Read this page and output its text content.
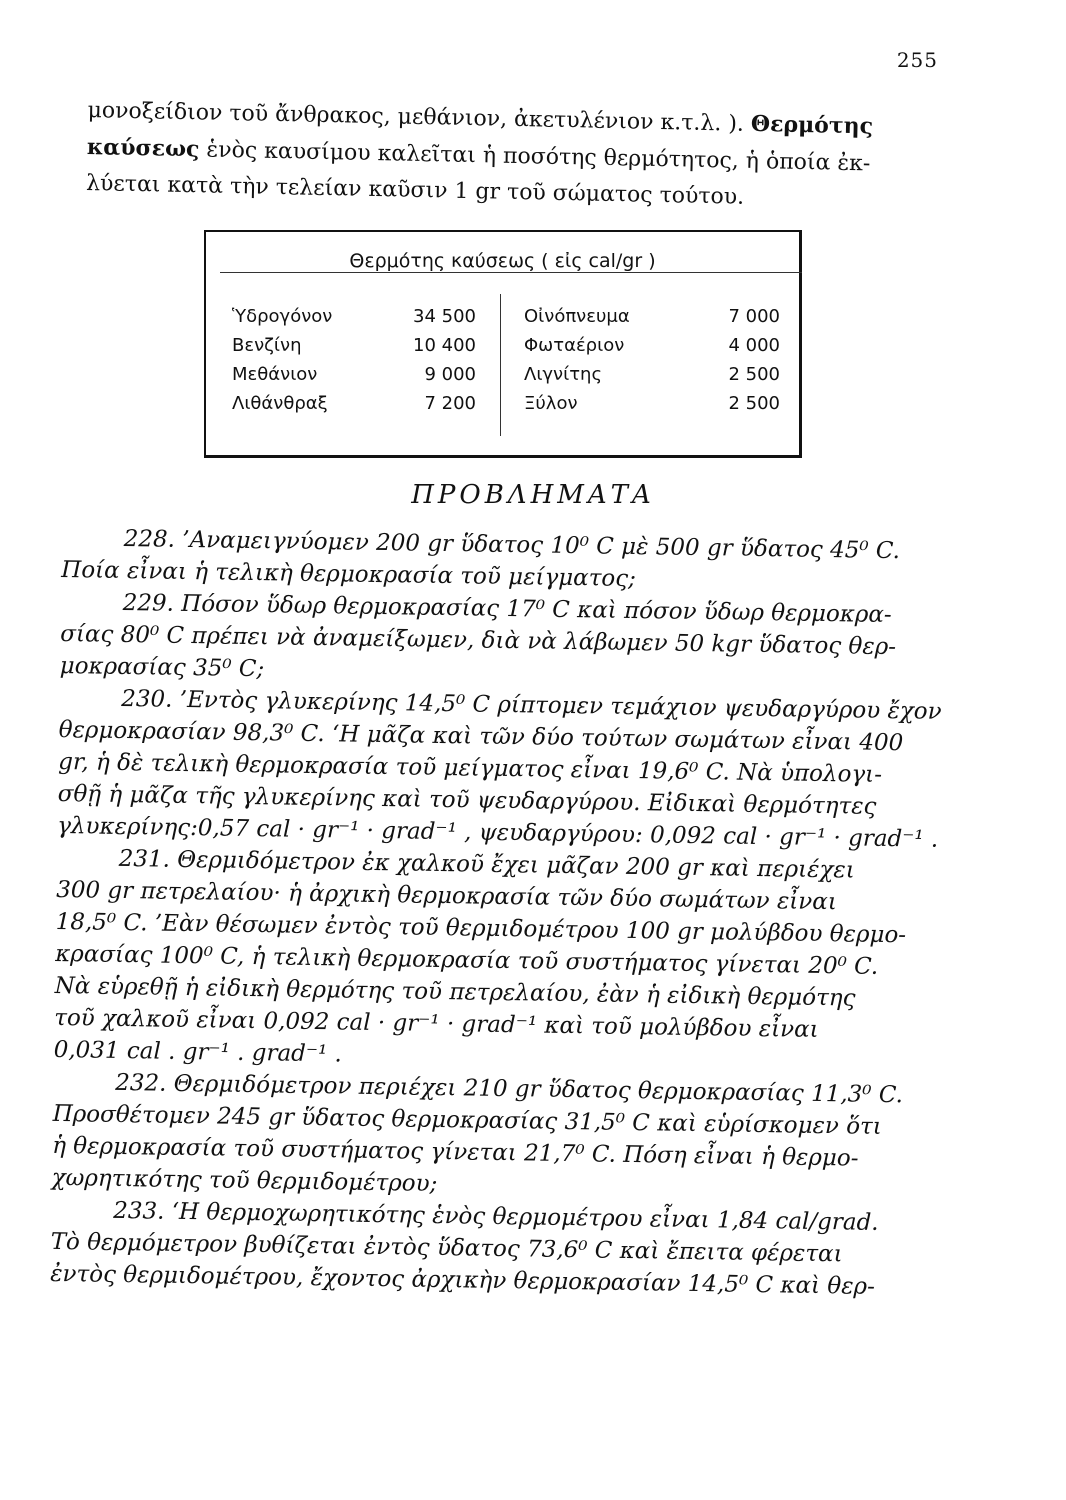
255
μονοξείδιον τοῦ ἄνθρακος, μεθάνιον, ἀκετυλένιον κ.τ.λ. ). Θερμότης
καύσεως ἑνὸς καυσίμου καλεῖται ἡ ποσότης θερμότητος, ἡ ὁποία ἐκ-
λύεται κατὰ τὴν τελείαν καῦσιν 1 gr τοῦ σώματος τούτου.
Θερμότης καύσεως ( εἰς cal/gr )
Ὑδρογόνον
Βενζίνη
Μεθάνιον
Λιθάνθραξ
34 500
10 400
9 000
7 200
Οἰνόπνευμα
Φωταέριον
Λιγνίτης
Ξύλον
7 000
4 000
2 500
2 500
ΠΡΟΒΛΗΜΑΤΑ
228. ’Αναμειγνύομεν 200 gr ὕδατος 10⁰ C μὲ 500 gr ὕδατος 45⁰ C.
Ποία εἶναι ἡ τελικὴ θερμοκρασία τοῦ μείγματος;
229. Πόσον ὕδωρ θερμοκρασίας 17⁰ C καὶ πόσον ὕδωρ θερμοκρα-
σίας 80⁰ C πρέπει νὰ ἀναμείξωμεν, διὰ νὰ λάβωμεν 50 kgr ὕδατος θερ-
μοκρασίας 35⁰ C;
230. ’Εντὸς γλυκερίνης 14,5⁰ C ρίπτομεν τεμάχιον ψευδαργύρου ἔχον
θερμοκρασίαν 98,3⁰ C. ‘Η μᾶζα καὶ τῶν δύο τούτων σωμάτων εἶναι 400
gr, ἡ δὲ τελικὴ θερμοκρασία τοῦ μείγματος εἶναι 19,6⁰ C. Νὰ ὑπολογι-
σθῇ ἡ μᾶζα τῆς γλυκερίνης καὶ τοῦ ψευδαργύρου. Εἰδικαὶ θερμότητες
γλυκερίνης:0,57 cal · gr⁻¹ · grad⁻¹ , ψευδαργύρου: 0,092 cal · gr⁻¹ · grad⁻¹ .
231. Θερμιδόμετρον ἐκ χαλκοῦ ἔχει μᾶζαν 200 gr καὶ περιέχει
300 gr πετρελαίου· ἡ ἀρχικὴ θερμοκρασία τῶν δύο σωμάτων εἶναι
18,5⁰ C. ’Εὰν θέσωμεν ἐντὸς τοῦ θερμιδομέτρου 100 gr μολύβδου θερμο-
κρασίας 100⁰ C, ἡ τελικὴ θερμοκρασία τοῦ συστήματος γίνεται 20⁰ C.
Νὰ εὑρεθῇ ἡ εἰδικὴ θερμότης τοῦ πετρελαίου, ἐὰν ἡ εἰδικὴ θερμότης
τοῦ χαλκοῦ εἶναι 0,092 cal · gr⁻¹ · grad⁻¹ καὶ τοῦ μολύβδου εἶναι
0,031 cal . gr⁻¹ . grad⁻¹ .
232. Θερμιδόμετρον περιέχει 210 gr ὕδατος θερμοκρασίας 11,3⁰ C.
Προσθέτομεν 245 gr ὕδατος θερμοκρασίας 31,5⁰ C καὶ εὑρίσκομεν ὅτι
ἡ θερμοκρασία τοῦ συστήματος γίνεται 21,7⁰ C. Πόση εἶναι ἡ θερμο-
χωρητικότης τοῦ θερμιδομέτρου;
233. ‘Η θερμοχωρητικότης ἑνὸς θερμομέτρου εἶναι 1,84 cal/grad.
Τὸ θερμόμετρον βυθίζεται ἐντὸς ὕδατος 73,6⁰ C καὶ ἔπειτα φέρεται
ἐντὸς θερμιδομέτρου, ἔχοντος ἀρχικὴν θερμοκρασίαν 14,5⁰ C καὶ θερ-
